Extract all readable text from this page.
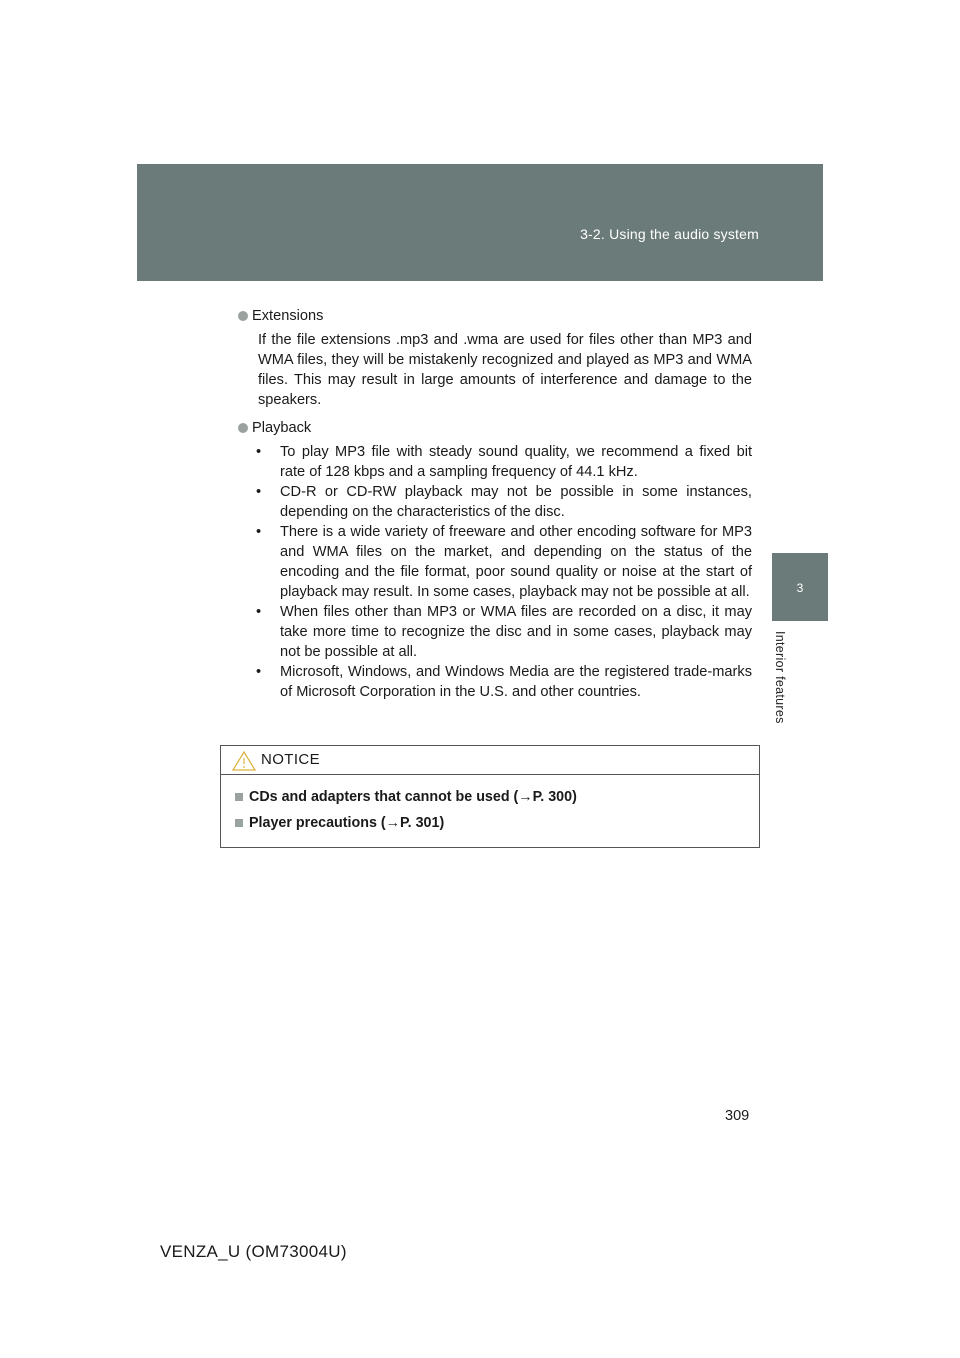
3-2. Using the audio system
3
Interior features
Extensions
If the file extensions .mp3 and .wma are used for files other than MP3 and WMA files, they will be mistakenly recognized and played as MP3 and WMA files. This may result in large amounts of interference and damage to the speakers.
Playback
• To play MP3 file with steady sound quality, we recommend a fixed bit rate of 128 kbps and a sampling frequency of 44.1 kHz.
• CD-R or CD-RW playback may not be possible in some instances, depending on the characteristics of the disc.
• There is a wide variety of freeware and other encoding software for MP3 and WMA files on the market, and depending on the status of the encoding and the file format, poor sound quality or noise at the start of playback may result. In some cases, playback may not be possible at all.
• When files other than MP3 or WMA files are recorded on a disc, it may take more time to recognize the disc and in some cases, playback may not be possible at all.
• Microsoft, Windows, and Windows Media are the registered trade-marks of Microsoft Corporation in the U.S. and other countries.
NOTICE
CDs and adapters that cannot be used (→P. 300)
Player precautions (→P. 301)
309
VENZA_U (OM73004U)
